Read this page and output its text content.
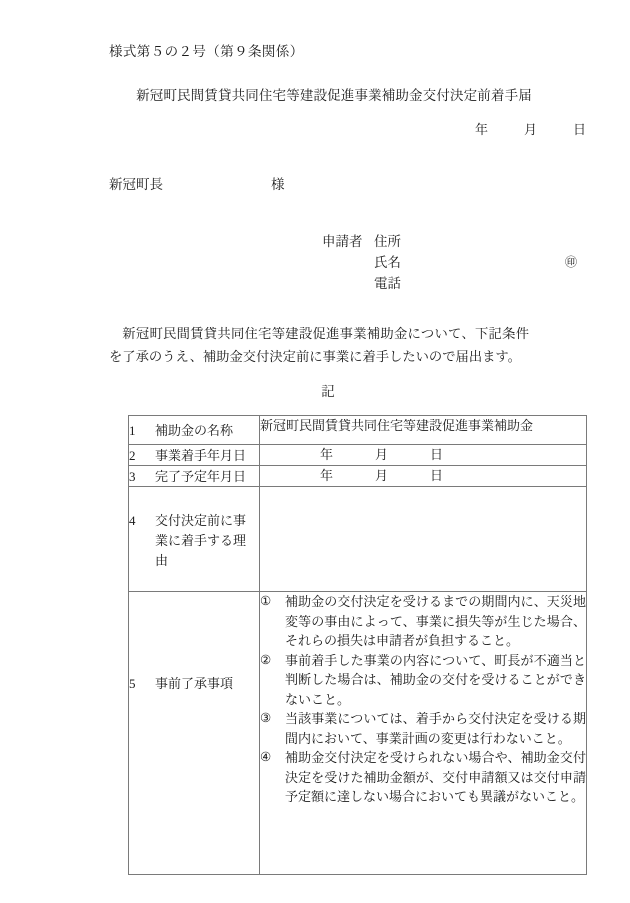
様式第５の２号（第９条関係）
新冠町民間賃貸共同住宅等建設促進事業補助金交付決定前着手届
年	月	日
新冠町長	様
申請者 住所
氏名	㊞
電話
新冠町民間賃貸共同住宅等建設促進事業補助金について、下記条件を了承のうえ、補助金交付決定前に事業に着手したいので届出ます。
記
1 補助金の名称	新冠町民間賃貸共同住宅等建設促進事業補助金
2 事業着手年月日	年 月 日
3 完了予定年月日	年 月 日
4 交付決定前に事業に着手する理由	
5 事前了承事項	
① 補助金の交付決定を受けるまでの期間内に、天災地変等の事由によって、事業に損失等が生じた場合、それらの損失は申請者が負担すること。
② 事前着手した事業の内容について、町長が不適当と判断した場合は、補助金の交付を受けることができないこと。
③ 当該事業については、着手から交付決定を受ける期間内において、事業計画の変更は行わないこと。
④ 補助金交付決定を受けられない場合や、補助金交付決定を受けた補助金額が、交付申請額又は交付申請予定額に達しない場合においても異議がないこと。
